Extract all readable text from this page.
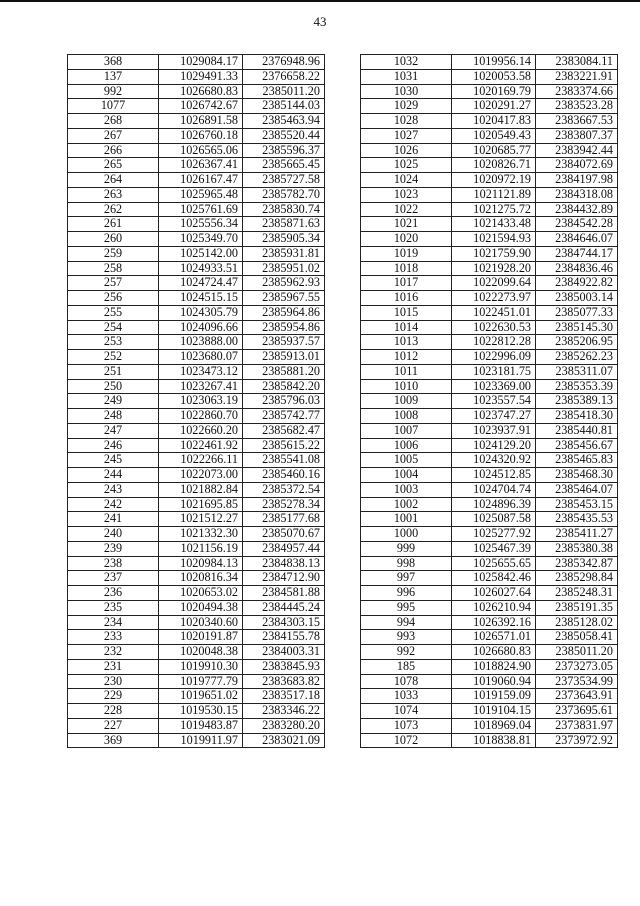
43
368	1029084.17	2376948.96
137	1029491.33	2376658.22
992	1026680.83	2385011.20
1077	1026742.67	2385144.03
268	1026891.58	2385463.94
267	1026760.18	2385520.44
266	1026565.06	2385596.37
265	1026367.41	2385665.45
264	1026167.47	2385727.58
263	1025965.48	2385782.70
262	1025761.69	2385830.74
261	1025556.34	2385871.63
260	1025349.70	2385905.34
259	1025142.00	2385931.81
258	1024933.51	2385951.02
257	1024724.47	2385962.93
256	1024515.15	2385967.55
255	1024305.79	2385964.86
254	1024096.66	2385954.86
253	1023888.00	2385937.57
252	1023680.07	2385913.01
251	1023473.12	2385881.20
250	1023267.41	2385842.20
249	1023063.19	2385796.03
248	1022860.70	2385742.77
247	1022660.20	2385682.47
246	1022461.92	2385615.22
245	1022266.11	2385541.08
244	1022073.00	2385460.16
243	1021882.84	2385372.54
242	1021695.85	2385278.34
241	1021512.27	2385177.68
240	1021332.30	2385070.67
239	1021156.19	2384957.44
238	1020984.13	2384838.13
237	1020816.34	2384712.90
236	1020653.02	2384581.88
235	1020494.38	2384445.24
234	1020340.60	2384303.15
233	1020191.87	2384155.78
232	1020048.38	2384003.31
231	1019910.30	2383845.93
230	1019777.79	2383683.82
229	1019651.02	2383517.18
228	1019530.15	2383346.22
227	1019483.87	2383280.20
369	1019911.97	2383021.09
1032	1019956.14	2383084.11
1031	1020053.58	2383221.91
1030	1020169.79	2383374.66
1029	1020291.27	2383523.28
1028	1020417.83	2383667.53
1027	1020549.43	2383807.37
1026	1020685.77	2383942.44
1025	1020826.71	2384072.69
1024	1020972.19	2384197.98
1023	1021121.89	2384318.08
1022	1021275.72	2384432.89
1021	1021433.48	2384542.28
1020	1021594.93	2384646.07
1019	1021759.90	2384744.17
1018	1021928.20	2384836.46
1017	1022099.64	2384922.82
1016	1022273.97	2385003.14
1015	1022451.01	2385077.33
1014	1022630.53	2385145.30
1013	1022812.28	2385206.95
1012	1022996.09	2385262.23
1011	1023181.75	2385311.07
1010	1023369.00	2385353.39
1009	1023557.54	2385389.13
1008	1023747.27	2385418.30
1007	1023937.91	2385440.81
1006	1024129.20	2385456.67
1005	1024320.92	2385465.83
1004	1024512.85	2385468.30
1003	1024704.74	2385464.07
1002	1024896.39	2385453.15
1001	1025087.58	2385435.53
1000	1025277.92	2385411.27
999	1025467.39	2385380.38
998	1025655.65	2385342.87
997	1025842.46	2385298.84
996	1026027.64	2385248.31
995	1026210.94	2385191.35
994	1026392.16	2385128.02
993	1026571.01	2385058.41
992	1026680.83	2385011.20
185	1018824.90	2373273.05
1078	1019060.94	2373534.99
1033	1019159.09	2373643.91
1074	1019104.15	2373695.61
1073	1018969.04	2373831.97
1072	1018838.81	2373972.92
